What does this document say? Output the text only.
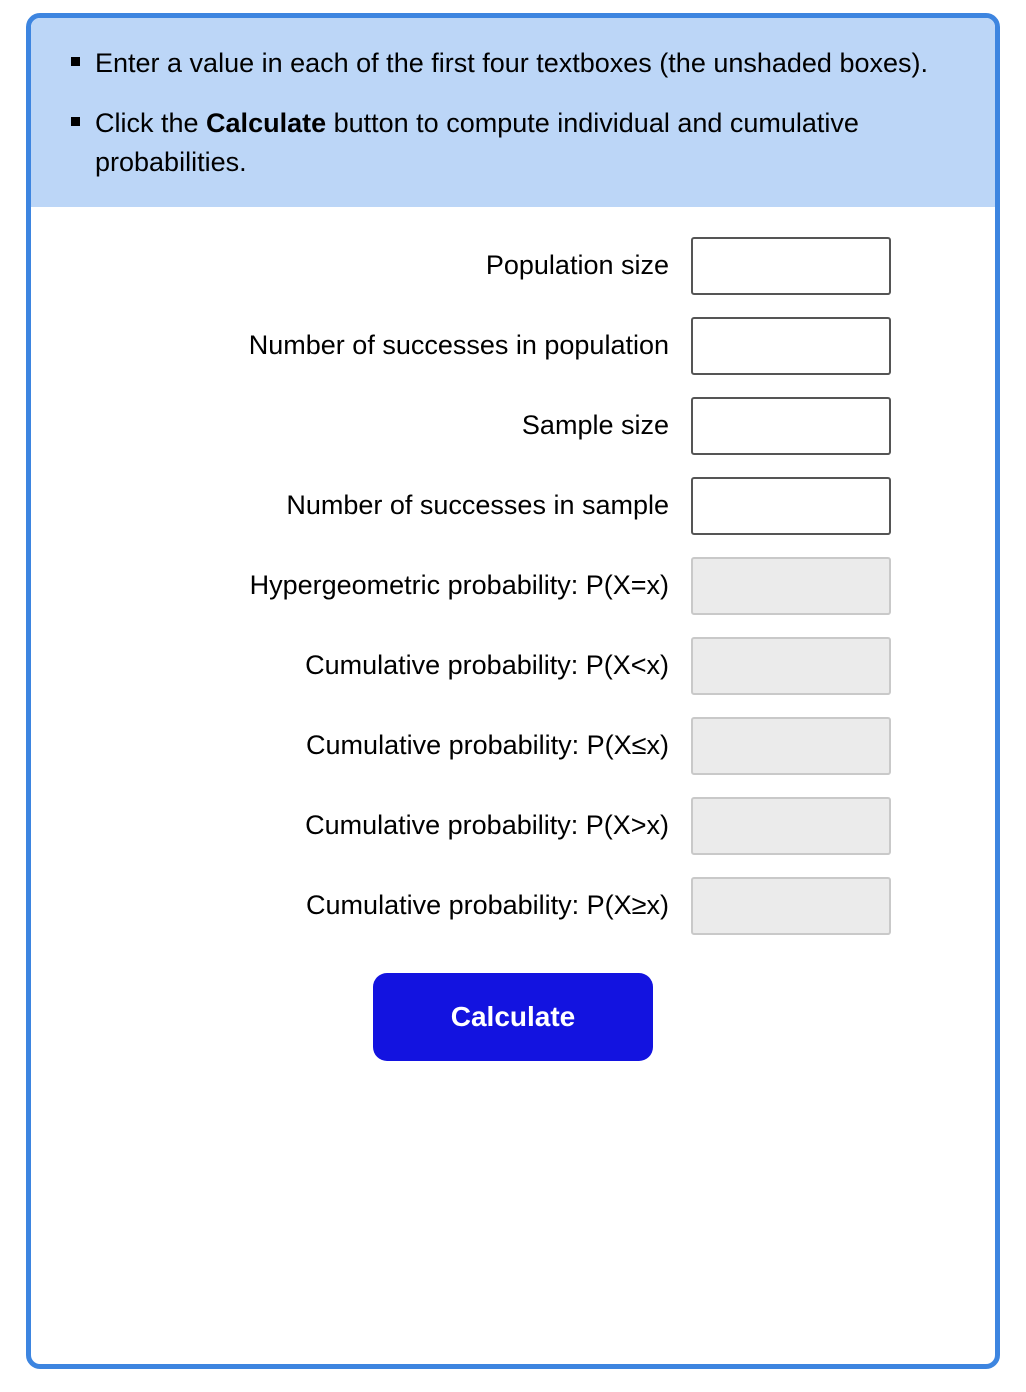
Enter a value in each of the first four textboxes (the unshaded boxes).
Click the Calculate button to compute individual and cumulative probabilities.
Population size
Number of successes in population
Sample size
Number of successes in sample
Hypergeometric probability: P(X=x)
Cumulative probability: P(X<x)
Cumulative probability: P(X≤x)
Cumulative probability: P(X>x)
Cumulative probability: P(X≥x)
Calculate
